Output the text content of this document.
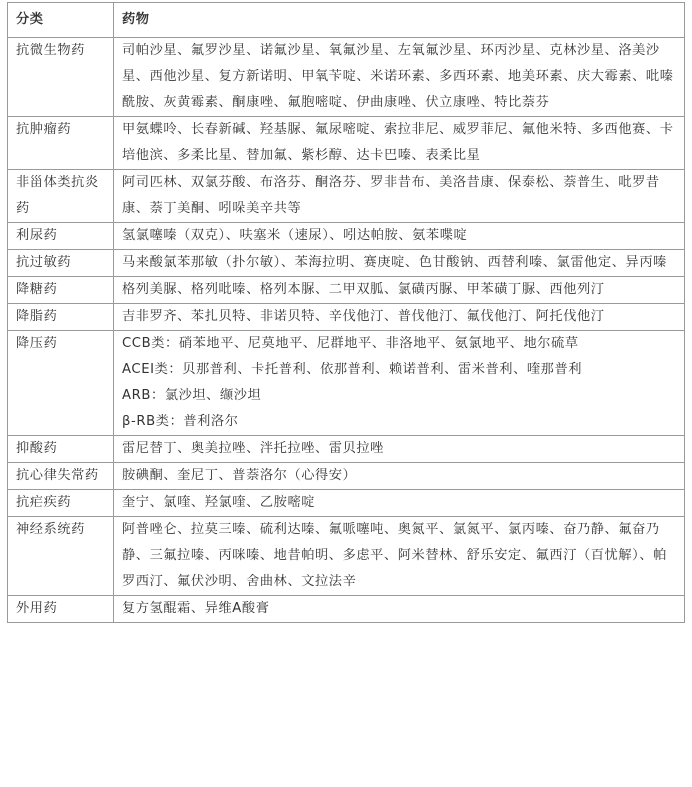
分类	药物
抗微生物药	司帕沙星、氟罗沙星、诺氟沙星、氧氟沙星、左氧氟沙星、环丙沙星、克林沙星、洛美沙星、西他沙星、复方新诺明、甲氧苄啶、米诺环素、多西环素、地美环素、庆大霉素、吡嗪酰胺、灰黄霉素、酮康唑、氟胞嘧啶、伊曲康唑、伏立康唑、特比萘芬

抗肿瘤药	甲氨蝶呤、长春新碱、羟基脲、氟尿嘧啶、索拉非尼、威罗菲尼、氟他米特、多西他赛、卡培他滨、多柔比星、替加氟、紫杉醇、达卡巴嗪、表柔比星

非甾体类抗炎药	阿司匹林、双氯芬酸、布洛芬、酮洛芬、罗非昔布、美洛昔康、保泰松、萘普生、吡罗昔康、萘丁美酮、吲哚美辛共等

利尿药	氢氯噻嗪（双克）、呋塞米（速尿）、吲达帕胺、氨苯喋啶

抗过敏药	马来酸氯苯那敏（扑尔敏）、苯海拉明、赛庚啶、色甘酸钠、西替利嗪、氯雷他定、异丙嗪

降糖药	格列美脲、格列吡嗪、格列本脲、二甲双胍、氯磺丙脲、甲苯磺丁脲、西他列汀

降脂药	吉非罗齐、苯扎贝特、非诺贝特、辛伐他汀、普伐他汀、氟伐他汀、阿托伐他汀

降压药	CCB类：硝苯地平、尼莫地平、尼群地平、非洛地平、氨氯地平、地尔硫草

ACEI类：贝那普利、卡托普利、依那普利、赖诺普利、雷米普利、喹那普利

ARB：氯沙坦、缬沙坦

β-RB类：普利洛尔

抑酸药	雷尼替丁、奥美拉唑、泮托拉唑、雷贝拉唑

抗心律失常药	胺碘酮、奎尼丁、普萘洛尔（心得安）

抗疟疾药	奎宁、氯喹、羟氯喹、乙胺嘧啶

神经系统药	阿普唑仑、拉莫三嗪、硫利达嗪、氟哌噻吨、奥氮平、氯氮平、氯丙嗪、奋乃静、氟奋乃静、三氟拉嗪、丙咪嗪、地昔帕明、多虑平、阿米替林、舒乐安定、氟西汀（百忧解）、帕罗西汀、氟伏沙明、舍曲林、文拉法辛

外用药	复方氢醌霜、异维A酸膏
